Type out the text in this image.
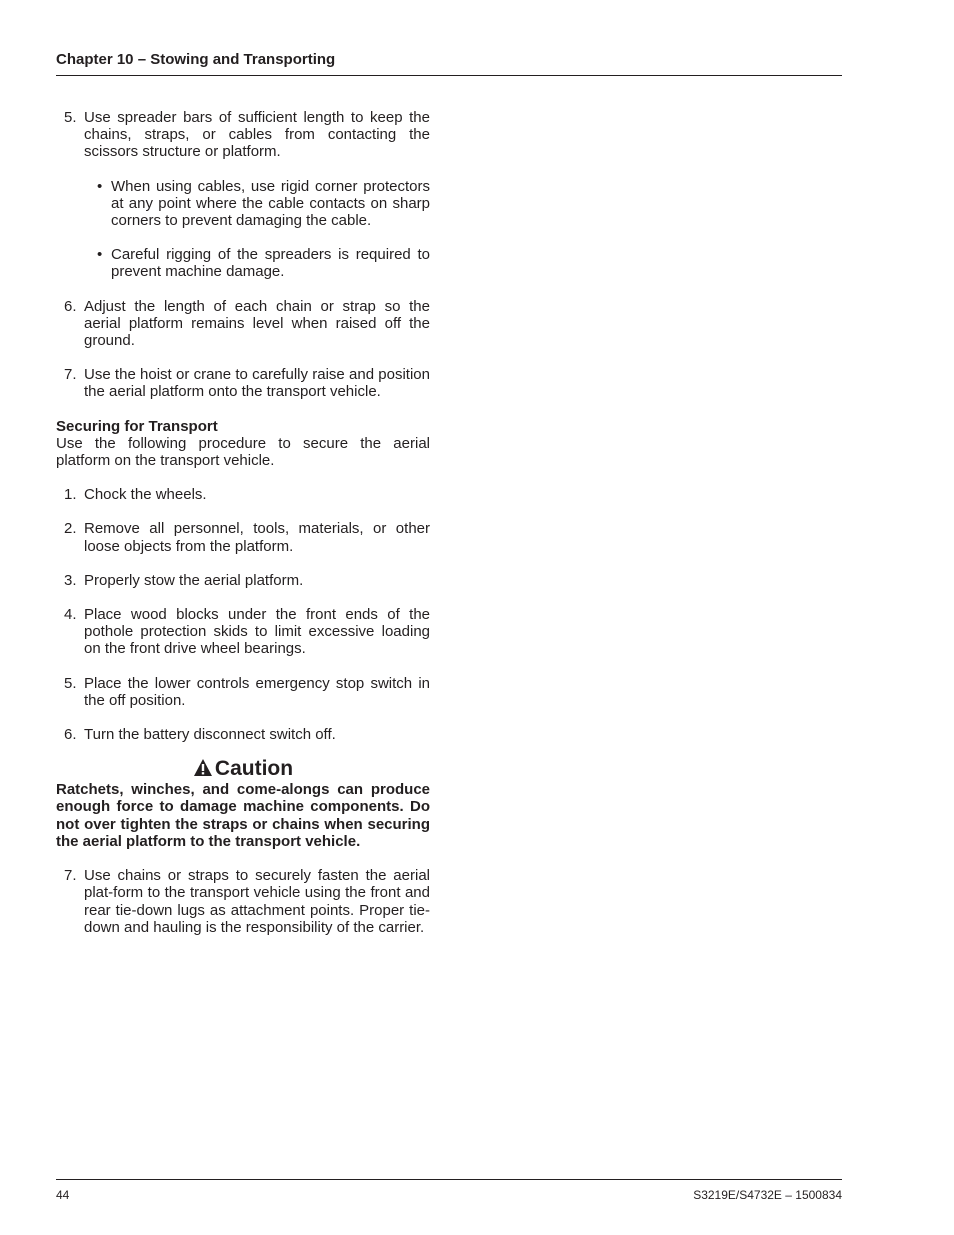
Chapter 10 – Stowing and Transporting
5. Use spreader bars of sufficient length to keep the chains, straps, or cables from contacting the scissors structure or platform.
• When using cables, use rigid corner protectors at any point where the cable contacts on sharp corners to prevent damaging the cable.
• Careful rigging of the spreaders is required to prevent machine damage.
6. Adjust the length of each chain or strap so the aerial platform remains level when raised off the ground.
7. Use the hoist or crane to carefully raise and position the aerial platform onto the transport vehicle.
Securing for Transport
Use the following procedure to secure the aerial platform on the transport vehicle.
1. Chock the wheels.
2. Remove all personnel, tools, materials, or other loose objects from the platform.
3. Properly stow the aerial platform.
4. Place wood blocks under the front ends of the pothole protection skids to limit excessive loading on the front drive wheel bearings.
5. Place the lower controls emergency stop switch in the off position.
6. Turn the battery disconnect switch off.
Caution
Ratchets, winches, and come-alongs can produce enough force to damage machine components. Do not over tighten the straps or chains when securing the aerial platform to the transport vehicle.
7. Use chains or straps to securely fasten the aerial plat-form to the transport vehicle using the front and rear tie-down lugs as attachment points. Proper tie-down and hauling is the responsibility of the carrier.
44	S3219E/S4732E – 1500834
